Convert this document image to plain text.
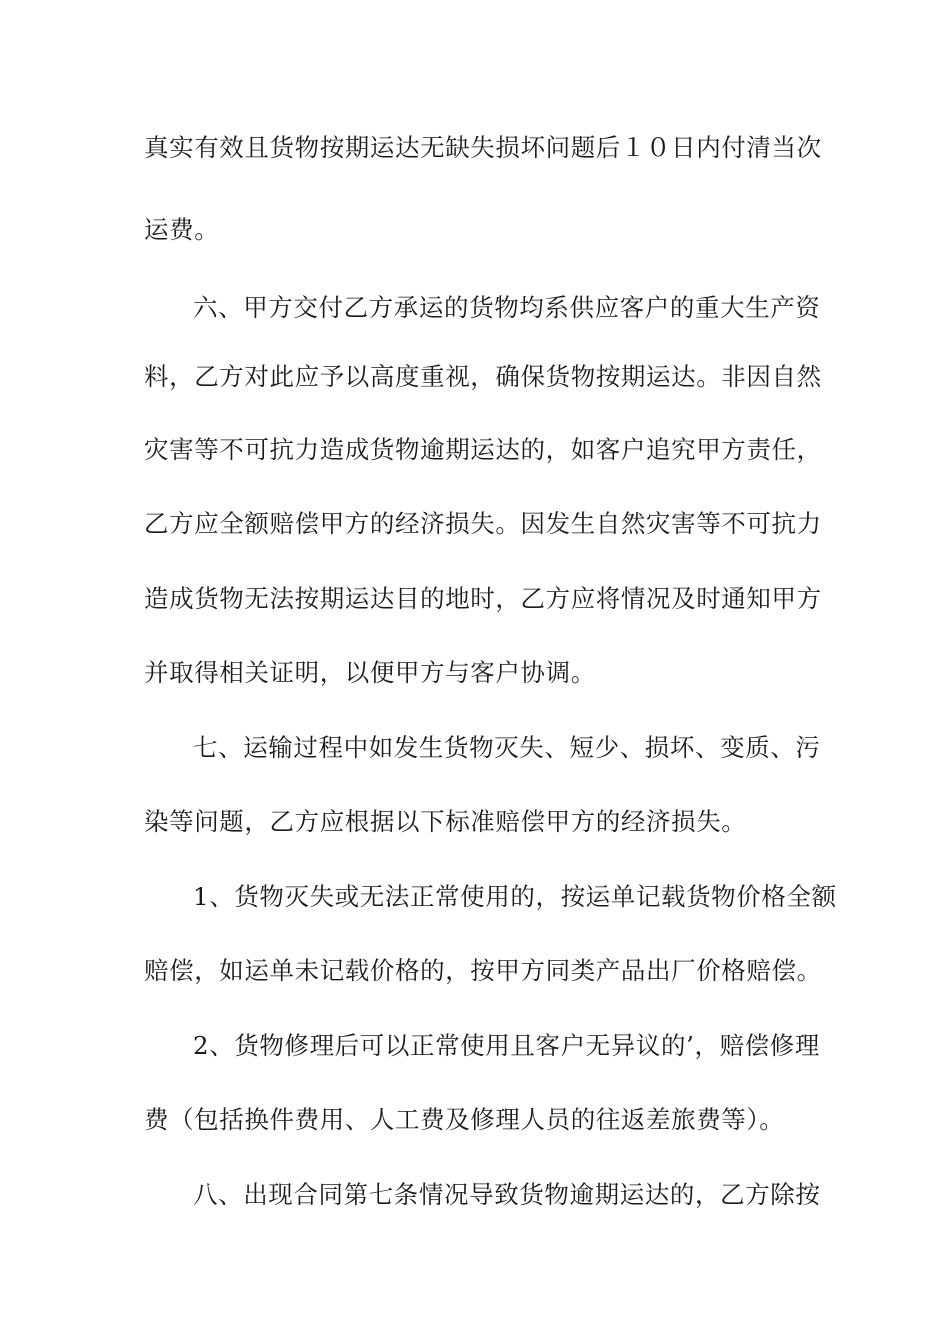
真实有效且货物按期运达无缺失损坏问题后１０日内付清当次

运费。

六、甲方交付乙方承运的货物均系供应客户的重大生产资

料，乙方对此应予以高度重视，确保货物按期运达。非因自然

灾害等不可抗力造成货物逾期运达的，如客户追究甲方责任，

乙方应全额赔偿甲方的经济损失。因发生自然灾害等不可抗力

造成货物无法按期运达目的地时，乙方应将情况及时通知甲方

并取得相关证明，以便甲方与客户协调。

七、运输过程中如发生货物灭失、短少、损坏、变质、污

染等问题，乙方应根据以下标准赔偿甲方的经济损失。

1、货物灭失或无法正常使用的，按运单记载货物价格全额

赔偿，如运单未记载价格的，按甲方同类产品出厂价格赔偿。

2、货物修理后可以正常使用且客户无异议的’，赔偿修理

费（包括换件费用、人工费及修理人员的往返差旅费等）。

八、出现合同第七条情况导致货物逾期运达的，乙方除按
